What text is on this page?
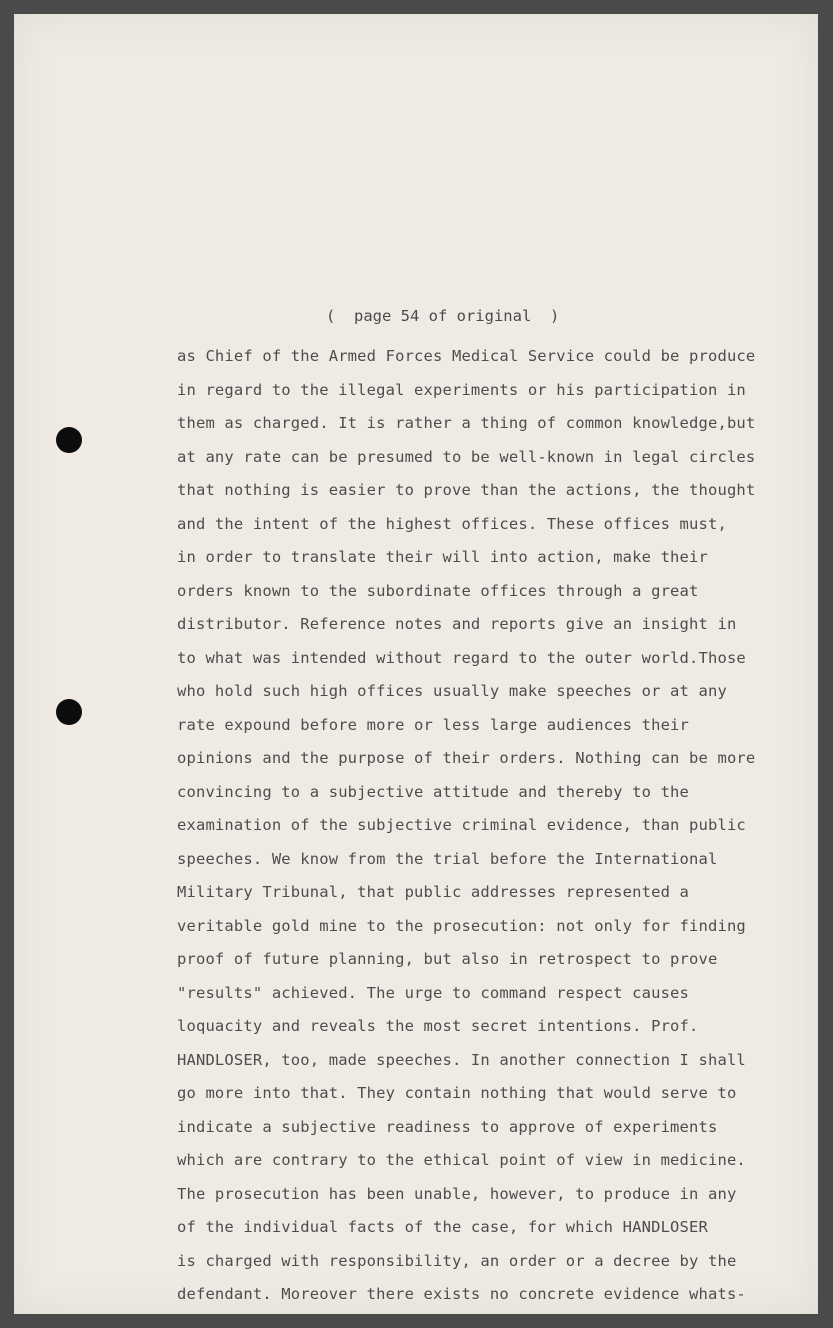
(  page 54 of original  )
as Chief of the Armed Forces Medical Service could be produce
in regard to the illegal experiments or his participation in
them as charged. It is rather a thing of common knowledge,but
at any rate can be presumed to be well-known in legal circles
that nothing is easier to prove than the actions, the thought
and the intent of the highest offices. These offices must,
in order to translate their will into action, make their
orders known to the subordinate offices through a great
distributor. Reference notes and reports give an insight in
to what was intended without regard to the outer world.Those
who hold such high offices usually make speeches or at any
rate expound before more or less large audiences their
opinions and the purpose of their orders. Nothing can be more
convincing to a subjective attitude and thereby to the
examination of the subjective criminal evidence, than public
speeches. We know from the trial before the International
Military Tribunal, that public addresses represented a
veritable gold mine to the prosecution: not only for finding
proof of future planning, but also in retrospect to prove
"results" achieved. The urge to command respect causes
loquacity and reveals the most secret intentions. Prof.
HANDLOSER, too, made speeches. In another connection I shall
go more into that. They contain nothing that would serve to
indicate a subjective readiness to approve of experiments
which are contrary to the ethical point of view in medicine.
The prosecution has been unable, however, to produce in any
of the individual facts of the case, for which HANDLOSER
is charged with responsibility, an order or a decree by the
defendant. Moreover there exists no concrete evidence whats-
